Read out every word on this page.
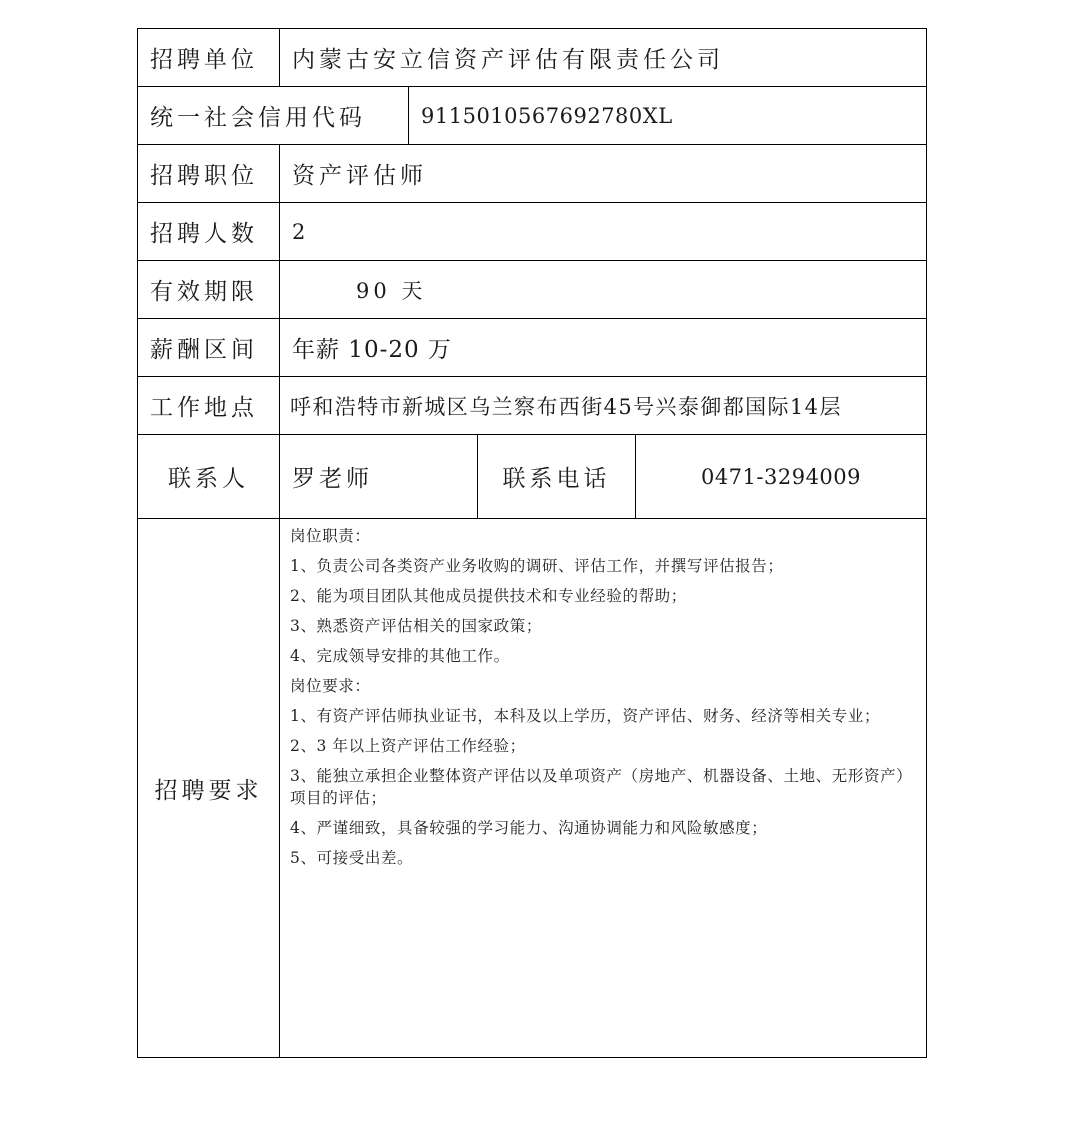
招聘单位	内蒙古安立信资产评估有限责任公司
统一社会信用代码	9115010567692780XL
招聘职位	资产评估师
招聘人数	2
有效期限	90 天
薪酬区间	年薪 10-20 万
工作地点	呼和浩特市新城区乌兰察布西街45号兴泰御都国际14层
联系人	罗老师	联系电话	0471-3294009
招聘要求
岗位职责：
1、负责公司各类资产业务收购的调研、评估工作，并撰写评估报告；
2、能为项目团队其他成员提供技术和专业经验的帮助；
3、熟悉资产评估相关的国家政策；
4、完成领导安排的其他工作。
岗位要求：
1、有资产评估师执业证书，本科及以上学历，资产评估、财务、经济等相关专业；
2、3 年以上资产评估工作经验；
3、能独立承担企业整体资产评估以及单项资产（房地产、机器设备、土地、无形资产）项目的评估；
4、严谨细致，具备较强的学习能力、沟通协调能力和风险敏感度；
5、可接受出差。
